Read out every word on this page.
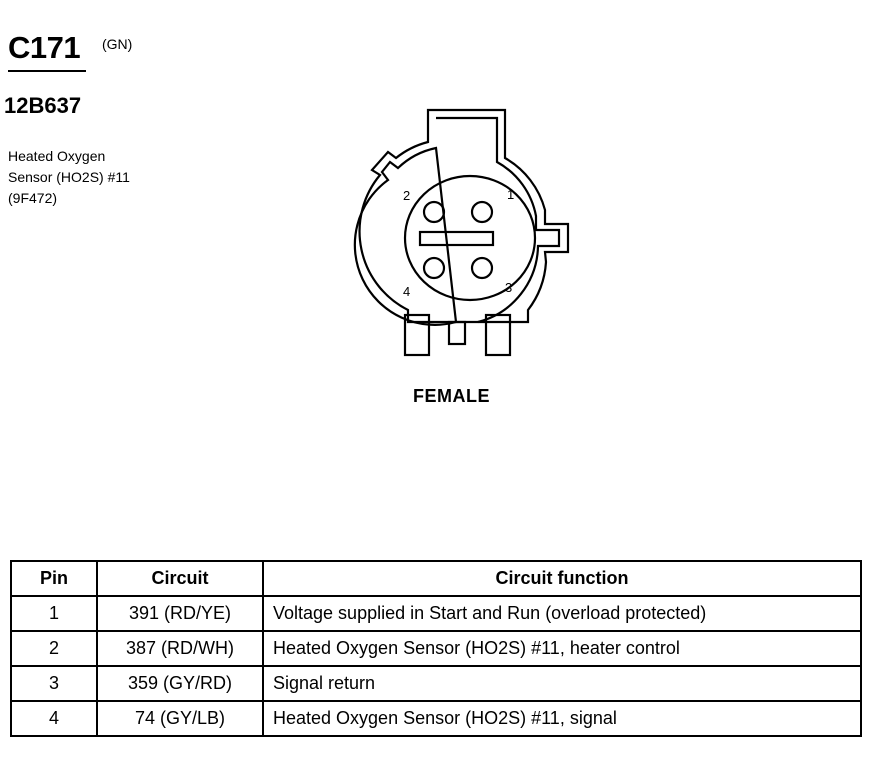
C171 (GN)
12B637
Heated Oxygen
Sensor (HO2S) #11
(9F472)	2	1
4	3
FEMALE
Pin	Circuit	Circuit function
1	391 (RD/YE)	Voltage supplied in Start and Run (overload protected)
2	387 (RD/WH)	Heated Oxygen Sensor (HO2S) #11, heater control
3	359 (GY/RD)	Signal return
4	74 (GY/LB)	Heated Oxygen Sensor (HO2S) #11, signal
